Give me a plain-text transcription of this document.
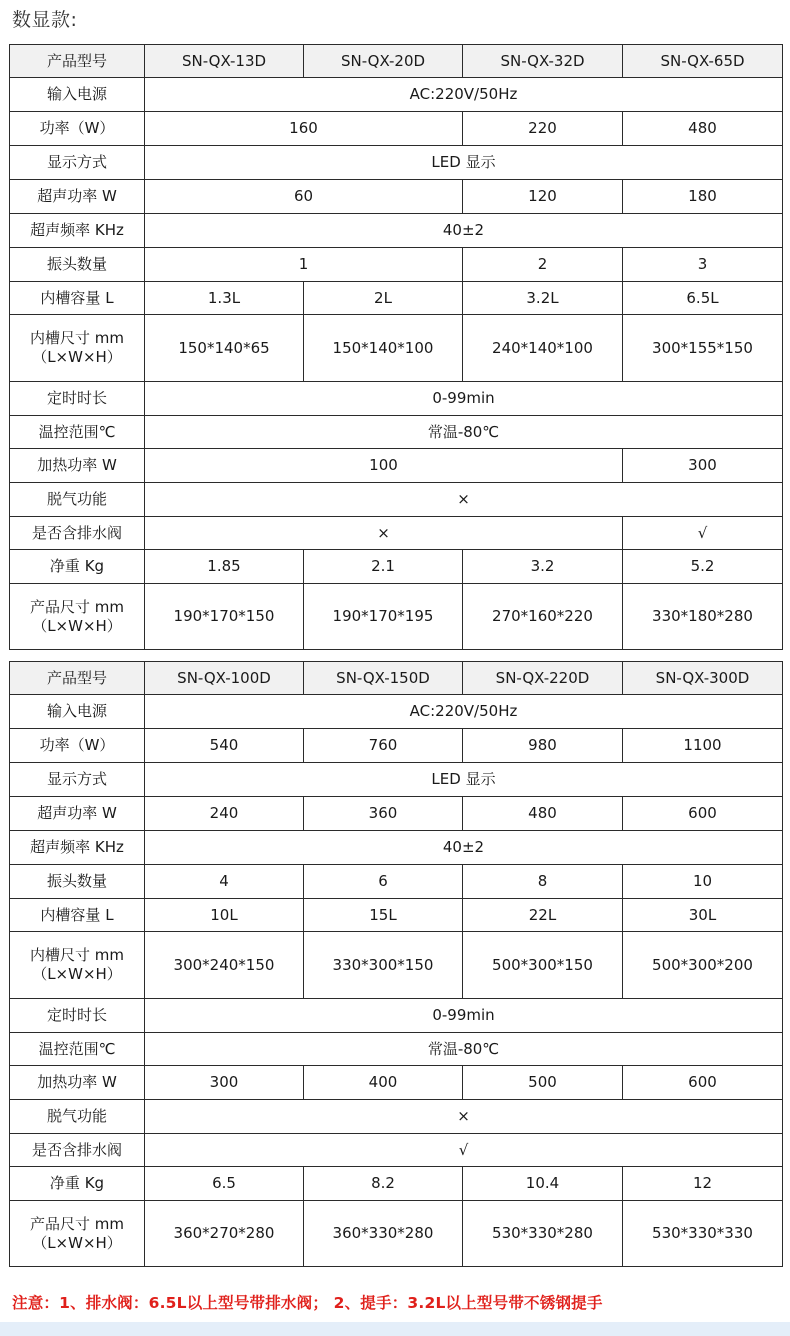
数显款:
产品型号	SN-QX-13D	SN-QX-20D	SN-QX-32D	SN-QX-65D
输入电源	AC:220V/50Hz			
功率（W）	160		220	480
显示方式	LED 显示			
超声功率 W	60		120	180
超声频率 KHz	40±2			
振头数量	1		2	3
内槽容量 L	1.3L	2L	3.2L	6.5L
内槽尺寸 mm
（L×W×H）	150*140*65	150*140*100	240*140*100	300*155*150
定时时长	0-99min			
温控范围℃	常温-80℃			
加热功率 W	100			300
脱气功能	×			
是否含排水阀	×			√
净重 Kg	1.85	2.1	3.2	5.2
产品尺寸 mm
（L×W×H）	190*170*150	190*170*195	270*160*220	330*180*280
产品型号	SN-QX-100D	SN-QX-150D	SN-QX-220D	SN-QX-300D
输入电源	AC:220V/50Hz			
功率（W）	540	760	980	1100
显示方式	LED 显示			
超声功率 W	240	360	480	600
超声频率 KHz	40±2			
振头数量	4	6	8	10
内槽容量 L	10L	15L	22L	30L
内槽尺寸 mm
（L×W×H）	300*240*150	330*300*150	500*300*150	500*300*200
定时时长	0-99min			
温控范围℃	常温-80℃			
加热功率 W	300	400	500	600
脱气功能	×			
是否含排水阀	√			
净重 Kg	6.5	8.2	10.4	12
产品尺寸 mm
（L×W×H）	360*270*280	360*330*280	530*330*280	530*330*330
注意：1、排水阀：6.5L以上型号带排水阀； 2、提手：3.2L以上型号带不锈钢提手
